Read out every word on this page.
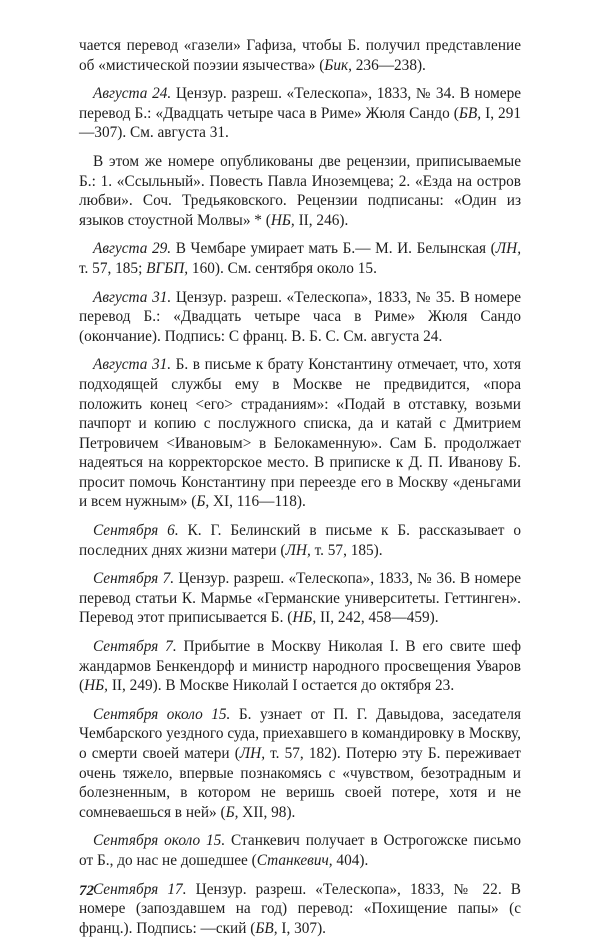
чается перевод «газели» Гафиза, чтобы Б. получил представление об «мистической поэзии язычества» (Бик, 236—238).

Августа 24. Цензур. разреш. «Телескопа», 1833, № 34. В номере перевод Б.: «Двадцать четыре часа в Риме» Жюля Сандо (БВ, I, 291—307). См. августа 31.

В этом же номере опубликованы две рецензии, приписываемые Б.: 1. «Ссыльный». Повесть Павла Иноземцева; 2. «Езда на остров любви». Соч. Тредьяковского. Рецензии подписаны: «Один из языков стоустной Молвы» * (НБ, II, 246).

Августа 29. В Чембаре умирает мать Б.— М. И. Белынская (ЛН, т. 57, 185; ВГБП, 160). См. сентября около 15.

Августа 31. Цензур. разреш. «Телескопа», 1833, № 35. В номере перевод Б.: «Двадцать четыре часа в Риме» Жюля Сандо (окончание). Подпись: С франц. В. Б. С. См. августа 24.

Августа 31. Б. в письме к брату Константину отмечает, что, хотя подходящей службы ему в Москве не предвидится, «пора положить конец <его> страданиям»: «Подай в отставку, возьми пачпорт и копию с послужного списка, да и катай с Дмитрием Петровичем <Ивановым> в Белокаменную». Сам Б. продолжает надеяться на корректорское место. В приписке к Д. П. Иванову Б. просит помочь Константину при переезде его в Москву «деньгами и всем нужным» (Б, XI, 116—118).

Сентября 6. К. Г. Белинский в письме к Б. рассказывает о последних днях жизни матери (ЛН, т. 57, 185).

Сентября 7. Цензур. разреш. «Телескопа», 1833, № 36. В номере перевод статьи К. Мармье «Германские университеты. Геттинген». Перевод этот приписывается Б. (НБ, II, 242, 458—459).

Сентября 7. Прибытие в Москву Николая I. В его свите шеф жандармов Бенкендорф и министр народного просвещения Уваров (НБ, II, 249). В Москве Николай I остается до октября 23.

Сентября около 15. Б. узнает от П. Г. Давыдова, заседателя Чембарского уездного суда, приехавшего в командировку в Москву, о смерти своей матери (ЛН, т. 57, 182). Потерю эту Б. переживает очень тяжело, впервые познакомясь с «чувством, безотрадным и болезненным, в котором не веришь своей потере, хотя и не сомневаешься в ней» (Б, XII, 98).

Сентября около 15. Станкевич получает в Острогожске письмо от Б., до нас не дошедшее (Станкевич, 404).

Сентября 17. Цензур. разреш. «Телескопа», 1833, № 22. В номере (запоздавшем на год) перевод: «Похищение папы» (с франц.). Подпись: —ский (БВ, I, 307).

72
